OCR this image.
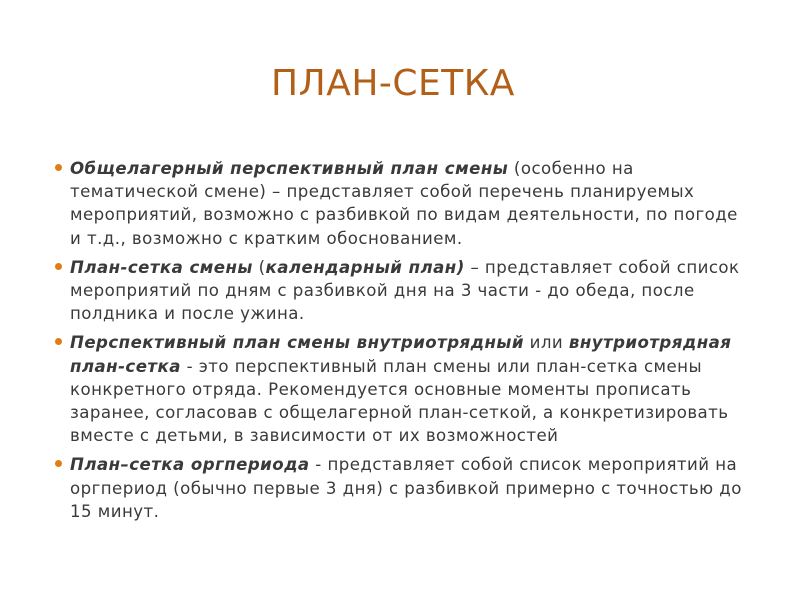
ПЛАН-СЕТКА
Общелагерный перспективный план смены (особенно на тематической смене) – представляет собой перечень планируемых мероприятий, возможно с разбивкой по видам деятельности, по погоде и т.д., возможно с кратким обоснованием.
План-сетка смены (календарный план) – представляет собой список мероприятий по дням с разбивкой дня на 3 части - до обеда, после полдника и после ужина.
Перспективный план смены внутриотрядный или внутриотрядная план-сетка - это перспективный план смены или план-сетка смены конкретного отряда. Рекомендуется основные моменты прописать заранее, согласовав с общелагерной план-сеткой, а конкретизировать вместе с детьми, в зависимости от их возможностей
План–сетка оргпериода - представляет собой список мероприятий на оргпериод (обычно первые 3 дня) с разбивкой примерно с точностью до 15 минут.
